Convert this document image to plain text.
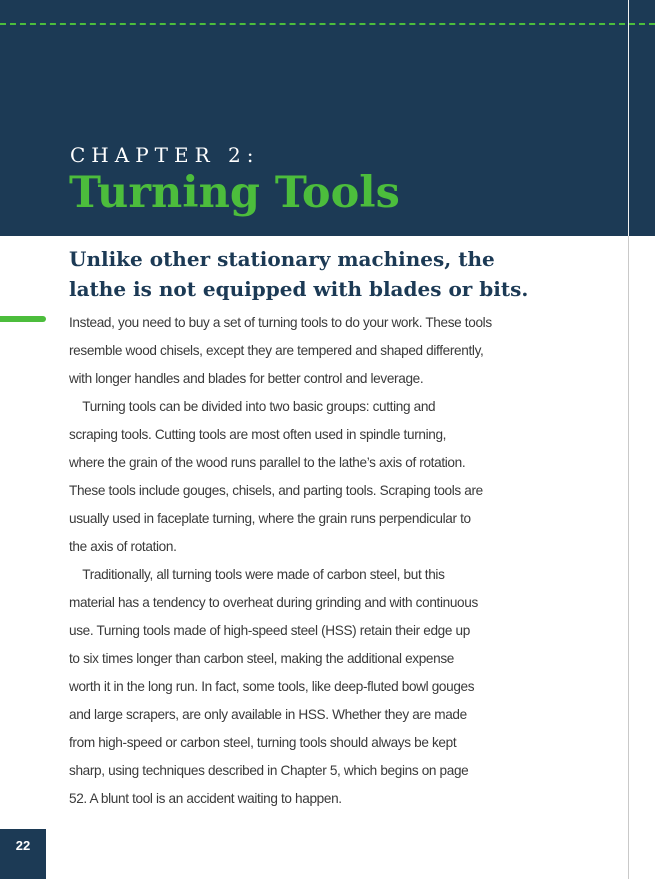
CHAPTER 2:
Turning Tools
Unlike other stationary machines, the
lathe is not equipped with blades or bits.
Instead, you need to buy a set of turning tools to do your work. These tools
resemble wood chisels, except they are tempered and shaped differently,
with longer handles and blades for better control and leverage.
 Turning tools can be divided into two basic groups: cutting and
scraping tools. Cutting tools are most often used in spindle turning,
where the grain of the wood runs parallel to the lathe’s axis of rotation.
These tools include gouges, chisels, and parting tools. Scraping tools are
usually used in faceplate turning, where the grain runs perpendicular to
the axis of rotation.
 Traditionally, all turning tools were made of carbon steel, but this
material has a tendency to overheat during grinding and with continuous
use. Turning tools made of high-speed steel (HSS) retain their edge up
to six times longer than carbon steel, making the additional expense
worth it in the long run. In fact, some tools, like deep-fluted bowl gouges
and large scrapers, are only available in HSS. Whether they are made
from high-speed or carbon steel, turning tools should always be kept
sharp, using techniques described in Chapter 5, which begins on page
52. A blunt tool is an accident waiting to happen.
22
